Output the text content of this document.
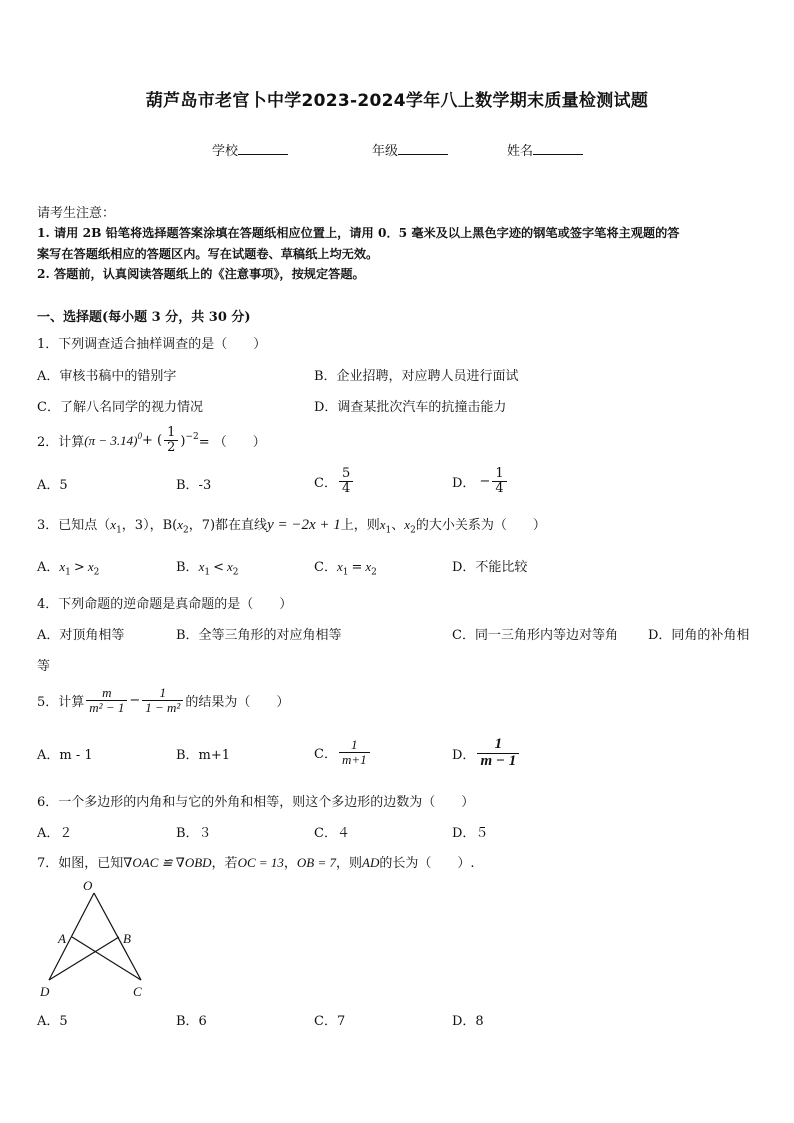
葫芦岛市老官卜中学2023-2024学年八上数学期末质量检测试题
学校	年级	姓名
请考生注意：
1. 请用 2B 铅笔将选择题答案涂填在答题纸相应位置上，请用 0．5 毫米及以上黑色字迹的钢笔或签字笔将主观题的答
案写在答题纸相应的答题区内。写在试题卷、草稿纸上均无效。
2. 答题前，认真阅读答题纸上的《注意事项》，按规定答题。
一、选择题(每小题 3 分，共 30 分)
1．下列调查适合抽样调查的是（　　）
A．审核书稿中的错别字	B．企业招聘，对应聘人员进行面试
C．了解八名同学的视力情况	D．调查某批次汽车的抗撞击能力
2．计算 $(\pi - 3.14)^0$ + ( $\frac{1}{2} )^{-2}$ = （　　）
A．5	B．-3	C． $\frac{5}{4}$	D． − $\frac{1}{4}$
3．已知点（$x_1$，3），$B(x_2$，7)都在直线y = −2x + 1上，则$x_1$、$x_2$的大小关系为（　　）
A．$x_1 > x_2$	B．$x_1 < x_2$	C．$x_1 = x_2$	D．不能比较
4．下列命题的逆命题是真命题的是（　　）
A．对顶角相等	B．全等三角形的对应角相等	C．同一三角形内等边对等角 D．同角的补角相
等
5．计算 $\frac{m}{\text{m² − 1}} - \frac{1}{\text{1 − m²}}$ 的结果为（　　）
A．m - 1	B．m+1	C． $\frac{1}{m+1}$	D． $\frac{1}{m - 1}$
6．一个多边形的内角和与它的外角和相等，则这个多边形的边数为（　　）
A．２	B．３	C．４	D．５
7．如图，已知∇OAC ≌ ∇OBD，若OC = 13，OB = 7，则AD的长为（　　）.
O
A	B
D	C
A．5	B．6	C．7	D．8
